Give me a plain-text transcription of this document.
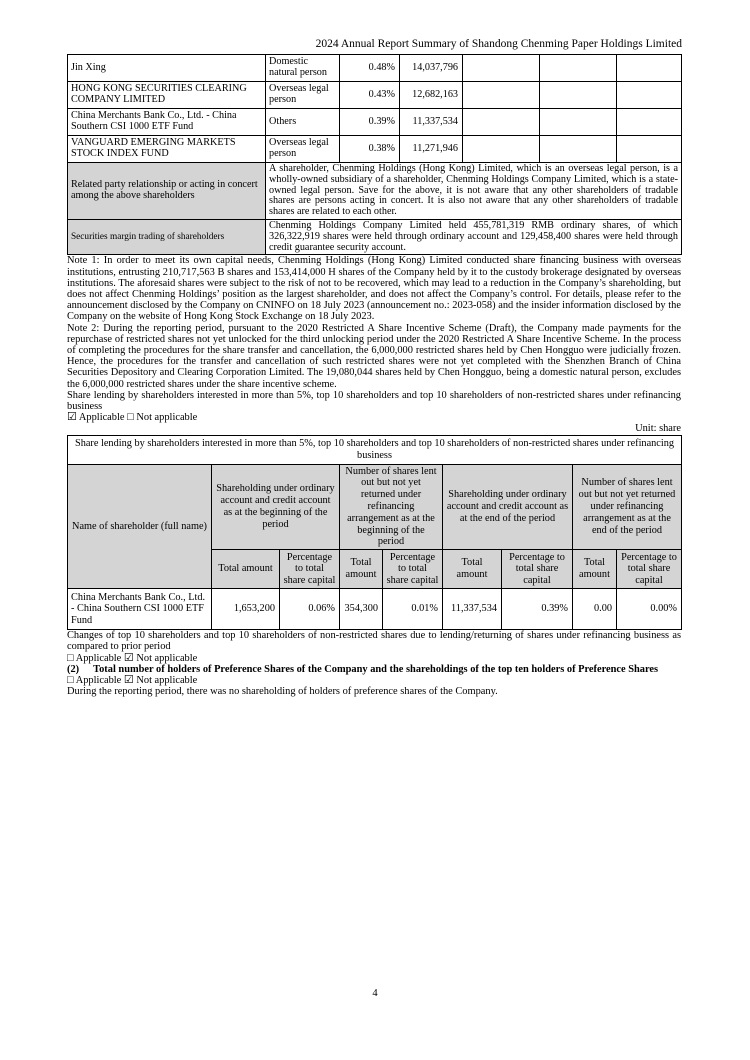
2024 Annual Report Summary of Shandong Chenming Paper Holdings Limited
Jin Xing	Domestic natural person	0.48%	14,037,796			
HONG KONG SECURITIES CLEARING COMPANY LIMITED	Overseas legal person	0.43%	12,682,163			
China Merchants Bank Co., Ltd. - China Southern CSI 1000 ETF Fund	Others	0.39%	11,337,534			
VANGUARD EMERGING MARKETS STOCK INDEX FUND	Overseas legal person	0.38%	11,271,946			
Related party relationship or acting in concert among the above shareholders	A shareholder, Chenming Holdings (Hong Kong) Limited, which is an overseas legal person, is a wholly-owned subsidiary of a shareholder, Chenming Holdings Company Limited, which is a state-owned legal person. Save for the above, it is not aware that any other shareholders of tradable shares are persons acting in concert. It is also not aware that any other shareholders of tradable shares are related to each other.					
Securities margin trading of shareholders	Chenming Holdings Company Limited held 455,781,319 RMB ordinary shares, of which 326,322,919 shares were held through ordinary account and 129,458,400 shares were held through credit guarantee security account.					

Note 1: In order to meet its own capital needs, Chenming Holdings (Hong Kong) Limited conducted share financing business with overseas institutions, entrusting 210,717,563 B shares and 153,414,000 H shares of the Company held by it to the custody brokerage designated by overseas institutions. The aforesaid shares were subject to the risk of not to be recovered, which may lead to a reduction in the Company’s shareholding, but does not affect Chenming Holdings’ position as the largest shareholder, and does not affect the Company’s control. For details, please refer to the announcement disclosed by the Company on CNINFO on 18 July 2023 (announcement no.: 2023-058) and the insider information disclosed by the Company on the website of Hong Kong Stock Exchange on 18 July 2023.

Note 2: During the reporting period, pursuant to the 2020 Restricted A Share Incentive Scheme (Draft), the Company made payments for the repurchase of restricted shares not yet unlocked for the third unlocking period under the 2020 Restricted A Share Incentive Scheme. In the process of completing the procedures for the share transfer and cancellation, the 6,000,000 restricted shares held by Chen Hongguo were judicially frozen. Hence, the procedures for the transfer and cancellation of such restricted shares were not yet completed with the Shenzhen Branch of China Securities Depository and Clearing Corporation Limited. The 19,080,044 shares held by Chen Hongguo, being a domestic natural person, excludes the 6,000,000 restricted shares under the share incentive scheme.

Share lending by shareholders interested in more than 5%, top 10 shareholders and top 10 shareholders of non-restricted shares under refinancing business

☑ Applicable □ Not applicable

Unit: share

Share lending by shareholders interested in more than 5%, top 10 shareholders and top 10 shareholders of non-restricted shares under refinancing business								
Name of shareholder (full name)	Shareholding under ordinary account and credit account as at the beginning of the period		Number of shares lent out but not yet returned under refinancing arrangement as at the beginning of the period		Shareholding under ordinary account and credit account as at the end of the period		Number of shares lent out but not yet returned under refinancing arrangement as at the end of the period	
	Total amount	Percentage to total share capital	Total amount	Percentage to total share capital	Total amount	Percentage to total share capital	Total amount	Percentage to total share capital
China Merchants Bank Co., Ltd. - China Southern CSI 1000 ETF Fund	1,653,200	0.06%	354,300	0.01%	11,337,534	0.39%	0.00	0.00%

Changes of top 10 shareholders and top 10 shareholders of non-restricted shares due to lending/returning of shares under refinancing business as compared to prior period

□ Applicable ☑ Not applicable

(2) Total number of holders of Preference Shares of the Company and the shareholdings of the top ten holders of Preference Shares

□ Applicable ☑ Not applicable

During the reporting period, there was no shareholding of holders of preference shares of the Company.

4
